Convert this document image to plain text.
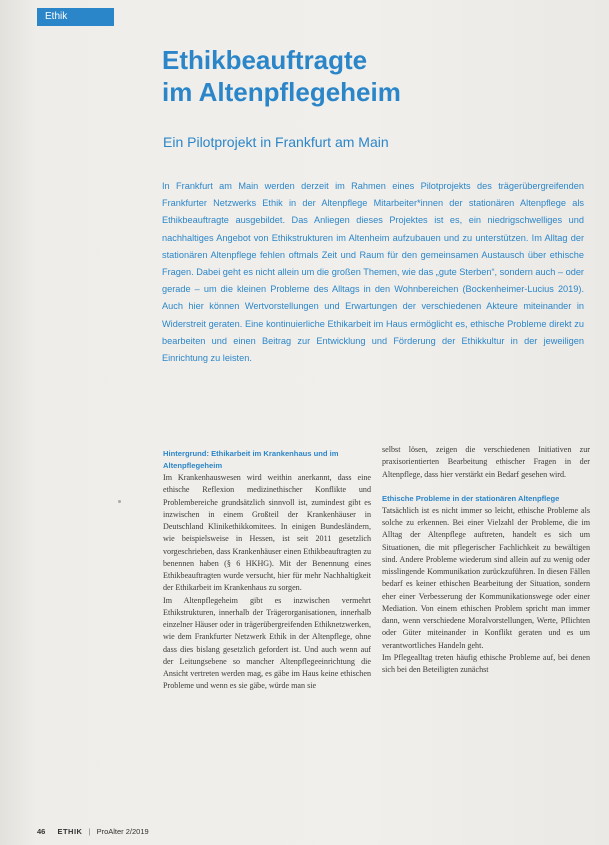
Ethik
Ethikbeauftragte
im Altenpflegeheim
Ein Pilotprojekt in Frankfurt am Main

In Frankfurt am Main werden derzeit im Rahmen eines Pilotprojekts des trägerübergreifenden Frankfurter Netzwerks Ethik in der Altenpflege Mitarbeiter*innen der stationären Altenpflege als Ethikbeauftragte ausgebildet. Das Anliegen dieses Projektes ist es, ein niedrigschwelliges und nachhaltiges Angebot von Ethikstrukturen im Altenheim aufzubauen und zu unterstützen. Im Alltag der stationären Altenpflege fehlen oftmals Zeit und Raum für den gemeinsamen Austausch über ethische Fragen. Dabei geht es nicht allein um die großen Themen, wie das „gute Sterben“, sondern auch – oder gerade – um die kleinen Probleme des Alltags in den Wohnbereichen (Bockenheimer-Lucius 2019). Auch hier können Wertvorstellungen und Erwartungen der verschiedenen Akteure miteinander in Widerstreit geraten. Eine kontinuierliche Ethikarbeit im Haus ermöglicht es, ethische Probleme direkt zu bearbeiten und einen Beitrag zur Entwicklung und Förderung der Ethikkultur in der jeweiligen Einrichtung zu leisten.

Hintergrund: Ethikarbeit im Krankenhaus und im Altenpflegeheim

Im Krankenhauswesen wird weithin anerkannt, dass eine ethische Reflexion medizinethischer Konflikte und Problembereiche grundsätzlich sinnvoll ist, zumindest gibt es inzwischen in einem Großteil der Krankenhäuser in Deutschland Klinikethikkomitees. In einigen Bundesländern, wie beispielsweise in Hessen, ist seit 2011 gesetzlich vorgeschrieben, dass Krankenhäuser einen Ethikbeauftragten zu benennen haben (§ 6 HKHG). Mit der Benennung eines Ethikbeauftragten wurde versucht, hier für mehr Nachhaltigkeit der Ethikarbeit im Krankenhaus zu sorgen.

Im Altenpflegeheim gibt es inzwischen vermehrt Ethikstrukturen, innerhalb der Trägerorganisationen, innerhalb einzelner Häuser oder in trägerübergreifenden Ethiknetzwerken, wie dem Frankfurter Netzwerk Ethik in der Altenpflege, ohne dass dies bislang gesetzlich gefordert ist. Und auch wenn auf der Leitungsebene so mancher Altenpflegeeinrichtung die Ansicht vertreten werden mag, es gäbe im Haus keine ethischen Probleme und wenn es sie gäbe, würde man sie

selbst lösen, zeigen die verschiedenen Initiativen zur praxisorientierten Bearbeitung ethischer Fragen in der Altenpflege, dass hier verstärkt ein Bedarf gesehen wird.

Ethische Probleme in der stationären Altenpflege

Tatsächlich ist es nicht immer so leicht, ethische Probleme als solche zu erkennen. Bei einer Vielzahl der Probleme, die im Alltag der Altenpflege auftreten, handelt es sich um Situationen, die mit pflegerischer Fachlichkeit zu bewältigen sind. Andere Probleme wiederum sind allein auf zu wenig oder misslingende Kommunikation zurückzuführen. In diesen Fällen bedarf es keiner ethischen Bearbeitung der Situation, sondern eher einer Verbesserung der Kommunikationswege oder einer Mediation. Von einem ethischen Problem spricht man immer dann, wenn verschiedene Moralvorstellungen, Werte, Pflichten oder Güter miteinander in Konflikt geraten und es um verantwortliches Handeln geht.

Im Pflegealltag treten häufig ethische Probleme auf, bei denen sich bei den Beteiligten zunächst

46 ETHIK | ProAlter 2/2019
